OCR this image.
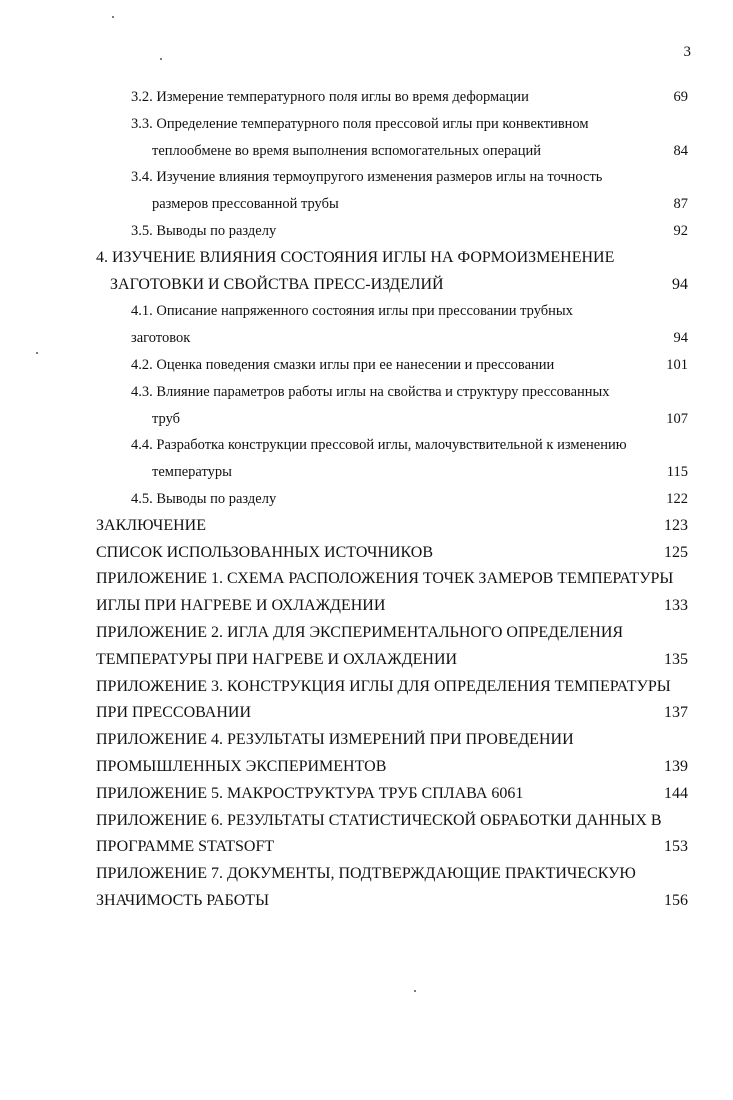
3
3.2. Измерение температурного поля иглы во время деформации	69
3.3. Определение температурного поля прессовой иглы при конвективном
теплообмене во время выполнения вспомогательных операций	84
3.4. Изучение влияния термоупругого изменения размеров иглы на точность
размеров прессованной трубы	87
3.5. Выводы по разделу	92
4. ИЗУЧЕНИЕ ВЛИЯНИЯ СОСТОЯНИЯ ИГЛЫ НА ФОРМОИЗМЕНЕНИЕ
ЗАГОТОВКИ И СВОЙСТВА ПРЕСС-ИЗДЕЛИЙ	94
4.1. Описание напряженного состояния иглы при прессовании трубных
заготовок	94
4.2. Оценка поведения смазки иглы при ее нанесении и прессовании	101
4.3. Влияние параметров работы иглы на свойства и структуру прессованных
труб	107
4.4. Разработка конструкции прессовой иглы, малочувствительной к изменению
температуры	115
4.5. Выводы по разделу	122
ЗАКЛЮЧЕНИЕ	123
СПИСОК ИСПОЛЬЗОВАННЫХ ИСТОЧНИКОВ	125
ПРИЛОЖЕНИЕ 1. СХЕМА РАСПОЛОЖЕНИЯ ТОЧЕК ЗАМЕРОВ ТЕМПЕРАТУРЫ
ИГЛЫ ПРИ НАГРЕВЕ И ОХЛАЖДЕНИИ	133
ПРИЛОЖЕНИЕ 2. ИГЛА ДЛЯ ЭКСПЕРИМЕНТАЛЬНОГО ОПРЕДЕЛЕНИЯ
ТЕМПЕРАТУРЫ ПРИ НАГРЕВЕ И ОХЛАЖДЕНИИ	135
ПРИЛОЖЕНИЕ 3. КОНСТРУКЦИЯ ИГЛЫ ДЛЯ ОПРЕДЕЛЕНИЯ ТЕМПЕРАТУРЫ
ПРИ ПРЕССОВАНИИ	137
ПРИЛОЖЕНИЕ 4. РЕЗУЛЬТАТЫ ИЗМЕРЕНИЙ ПРИ ПРОВЕДЕНИИ
ПРОМЫШЛЕННЫХ ЭКСПЕРИМЕНТОВ	139
ПРИЛОЖЕНИЕ 5. МАКРОСТРУКТУРА ТРУБ СПЛАВА 6061	144
ПРИЛОЖЕНИЕ 6. РЕЗУЛЬТАТЫ СТАТИСТИЧЕСКОЙ ОБРАБОТКИ ДАННЫХ В
ПРОГРАММЕ STATSOFT	153
ПРИЛОЖЕНИЕ 7. ДОКУМЕНТЫ, ПОДТВЕРЖДАЮЩИЕ ПРАКТИЧЕСКУЮ
ЗНАЧИМОСТЬ РАБОТЫ	156
